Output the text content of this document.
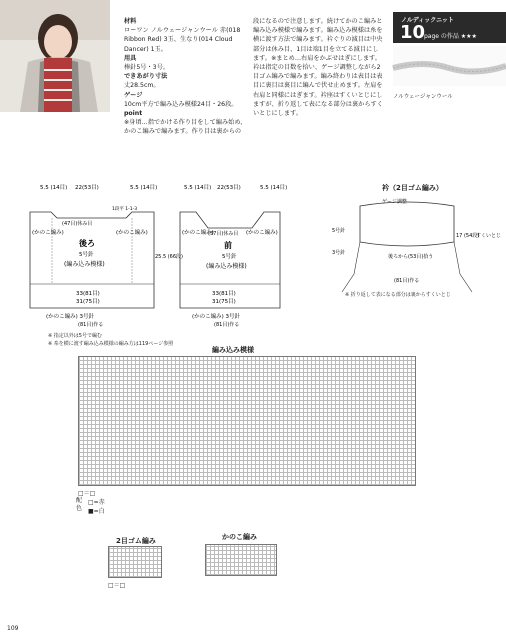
材料
ローワン ノルウェージャンウール 赤(018 Ribbon Red) 3玉、生なり(014 Cloud Dancer) 1玉。
用具
棒針5号・3号。
できあがり寸法
丈28.5cm。
ゲージ
10cm平方で編み込み模様24目・26段。
point
※身頃…指でかける作り目をして編み始め、かのこ編みで編みます。作り目は裏からの
段になるので注意します。続けてかのこ編みと編み込み模様で編みます。編み込み模様は糸を横に渡す方法で編みます。衿ぐりの減目は中央部分は休み目、1目は端1目を立てる減目にします。※まとめ…右肩をかぶせはぎにします。衿は指定の目数を拾い、ゲージ調整しながら2目ゴム編みで編みます。編み終わりは表目は表目に裏目は裏目に編んで伏せ止めます。左肩を右肩と同様にはぎます。衿座はすくいとじにしますが、折り返して表になる部分は裏からすくいとじにします。
ノルディックニット
10
page の作品 ★★★
ノルウェージャンウール
5.5 (14目) 22(53目)	5.5 (14目)
(47目)休み目
1段平 1-1-3
後ろ
5号針
(編み込み模様)
(かのこ編み)	(かのこ編み)
33(81目)
31(75目)
(かのこ編み) 3号針
(81目)作る
25.5 (66段)
5.5 (14目) 22(53目)	5.5 (14目)
(37目)休み目
前
5号針
(編み込み模様)
(かのこ編み)	(かのこ編み)
33(81目)
31(75目)
(かのこ編み) 3号針
(81目)作る
※ 指定以外は5号で編む
※ 糸を横に渡す編み込み模様の編み方は119ページ参照
衿（2目ゴム編み）
ゲージ調整
5号針
3号針
後ろから(53目)拾う
17 (54段)
すくいとじ
(81目)作る
※ 折り返して表になる部分は裏からすくいとじ
編み込み模様
□＝□
配色
□=赤
■=白
2目ゴム編み
□＝□
かのこ編み
109
